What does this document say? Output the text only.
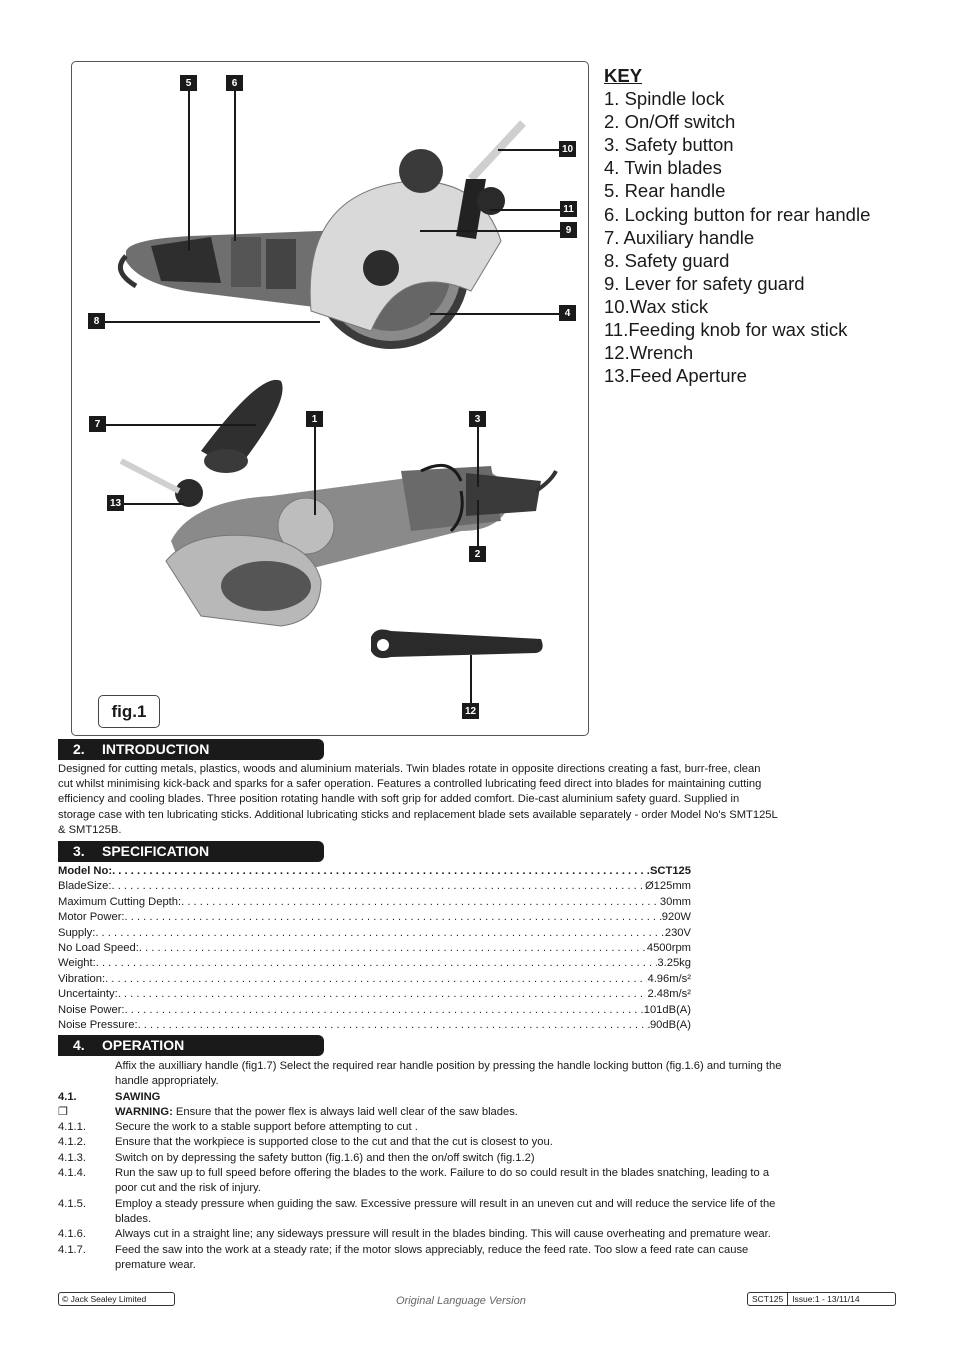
5	6
10
11
9
8
4
7	1	3
13
2
12
fig.1
KEY
1. Spindle lock
2. On/Off switch
3. Safety button
4. Twin blades
5. Rear handle
6. Locking button for rear handle
7. Auxiliary handle
8. Safety guard
9. Lever for safety guard
10.Wax stick
11.Feeding knob for wax stick
12.Wrench
13.Feed Aperture
2. INTRODUCTION
Designed for cutting metals, plastics, woods and aluminium materials. Twin blades rotate in opposite directions creating a fast, burr-free, clean
cut whilst minimising kick-back and sparks for a safer operation. Features a controlled lubricating feed direct into blades for maintaining cutting
efficiency and cooling blades. Three position rotating handle with soft grip for added comfort. Die-cast aluminium safety guard. Supplied in
storage case with ten lubricating sticks. Additional lubricating sticks and replacement blade sets available separately - order Model No's SMT125L
& SMT125B.
3. SPECIFICATION
Model No: . . .	SCT125
BladeSize: . . .	Ø125mm
Maximum Cutting Depth: . . .	30mm
Motor Power: . . .	920W
Supply: . . .	230V
No Load Speed: . . .	4500rpm
Weight: . . .	3.25kg
Vibration: . . .	4.96m/s²
Uncertainty: . . .	2.48m/s²
Noise Power: . . .	101dB(A)
Noise Pressure: . . .	90dB(A)
4. OPERATION
Affix the auxilliary handle (fig1.7) Select the required rear handle position by pressing the handle locking button (fig.1.6) and turning the
handle appropriately.
4.1.	SAWING
❐	WARNING: Ensure that the power flex is always laid well clear of the saw blades.
4.1.1.	Secure the work to a stable support before attempting to cut .
4.1.2.	Ensure that the workpiece is supported close to the cut and that the cut is closest to you.
4.1.3.	Switch on by depressing the safety button (fig.1.6) and then the on/off switch (fig.1.2)
4.1.4.	Run the saw up to full speed before offering the blades to the work. Failure to do so could result in the blades snatching, leading to a
poor cut and the risk of injury.
4.1.5.	Employ a steady pressure when guiding the saw. Excessive pressure will result in an uneven cut and will reduce the service life of the
blades.
4.1.6.	Always cut in a straight line; any sideways pressure will result in the blades binding. This will cause overheating and premature wear.
4.1.7.	Feed the saw into the work at a steady rate; if the motor slows appreciably, reduce the feed rate. Too slow a feed rate can cause
premature wear.
© Jack Sealey Limited	Original Language Version	SCT125	Issue:1 - 13/11/14
